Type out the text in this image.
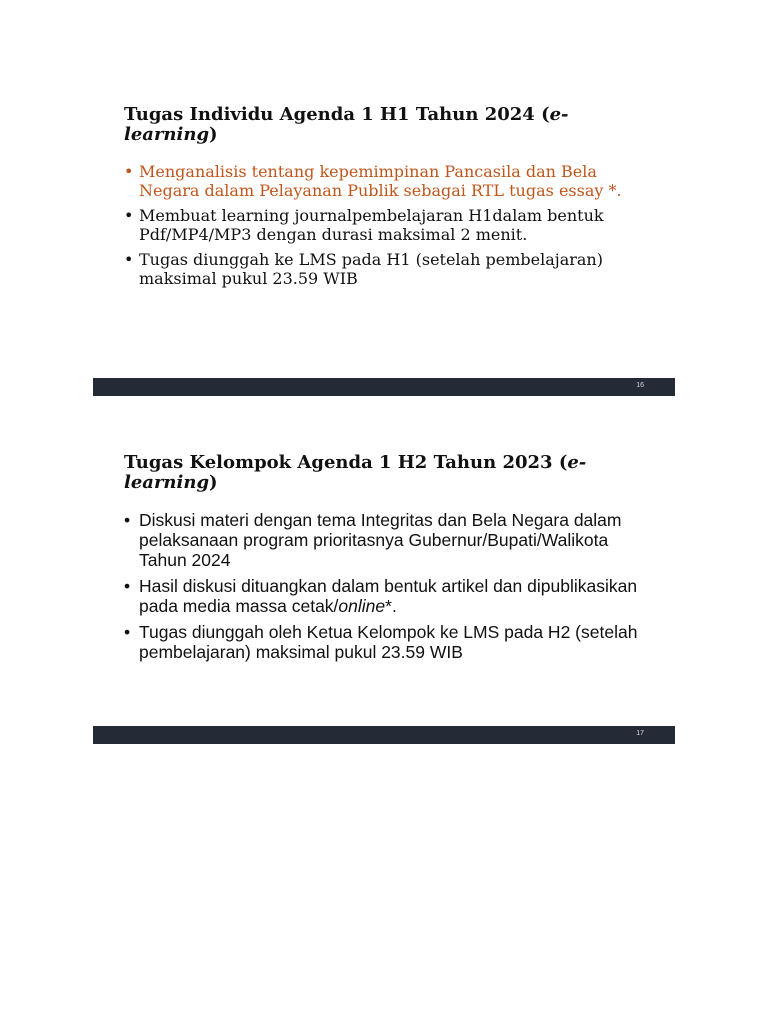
Tugas Individu Agenda 1 H1 Tahun 2024 (e-learning)
• Menganalisis tentang kepemimpinan Pancasila dan Bela Negara dalam Pelayanan Publik sebagai RTL tugas essay *.
• Membuat learning journalpembelajaran H1dalam bentuk Pdf/MP4/MP3 dengan durasi maksimal 2 menit.
• Tugas diunggah ke LMS pada H1 (setelah pembelajaran) maksimal pukul 23.59 WIB
16
Tugas Kelompok Agenda 1 H2 Tahun 2023 (e-learning)
• Diskusi materi dengan tema Integritas dan Bela Negara dalam pelaksanaan program prioritasnya Gubernur/Bupati/Walikota Tahun 2024
• Hasil diskusi dituangkan dalam bentuk artikel dan dipublikasikan pada media massa cetak/online*.
• Tugas diunggah oleh Ketua Kelompok ke LMS pada H2 (setelah pembelajaran) maksimal pukul 23.59 WIB
17
